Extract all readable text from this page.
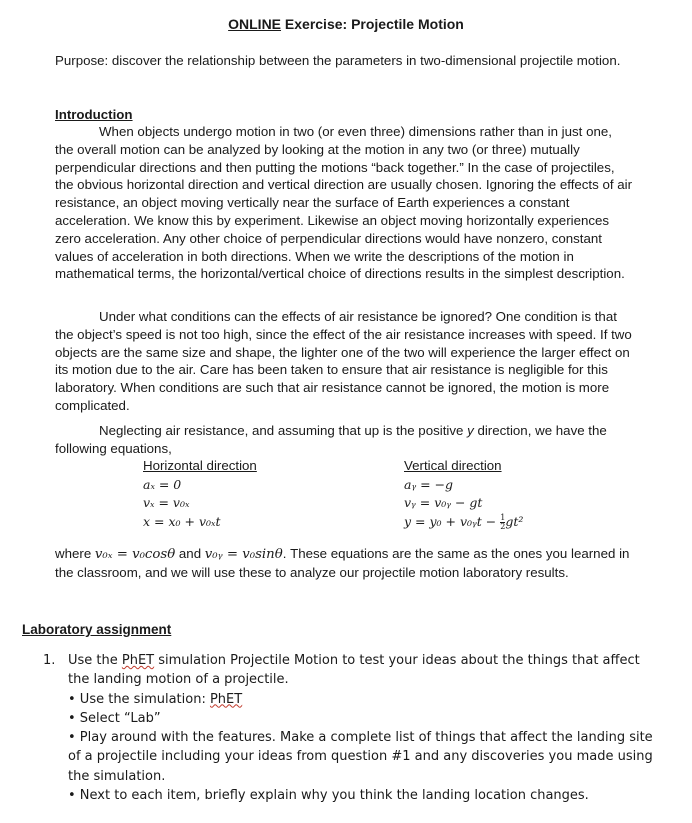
ONLINE Exercise: Projectile Motion
Purpose: discover the relationship between the parameters in two-dimensional projectile motion.
Introduction
When objects undergo motion in two (or even three) dimensions rather than in just one, the overall motion can be analyzed by looking at the motion in any two (or three) mutually perpendicular directions and then putting the motions “back together.” In the case of projectiles, the obvious horizontal direction and vertical direction are usually chosen. Ignoring the effects of air resistance, an object moving vertically near the surface of Earth experiences a constant acceleration. We know this by experiment. Likewise an object moving horizontally experiences zero acceleration. Any other choice of perpendicular directions would have nonzero, constant values of acceleration in both directions. When we write the descriptions of the motion in mathematical terms, the horizontal/vertical choice of directions results in the simplest description.
Under what conditions can the effects of air resistance be ignored? One condition is that the object’s speed is not too high, since the effect of the air resistance increases with speed. If two objects are the same size and shape, the lighter one of the two will experience the larger effect on its motion due to the air. Care has been taken to ensure that air resistance is negligible for this laboratory. When conditions are such that air resistance cannot be ignored, the motion is more complicated.
Neglecting air resistance, and assuming that up is the positive y direction, we have the following equations,
Horizontal direction
aₓ = 0
vₓ = v₀ₓ
x = x₀ + v₀ₓt
Vertical direction
aᵧ = −g
vᵧ = v₀ᵧ − gt
y = y₀ + v₀ᵧt − $\frac{1}{2} gt^2$
where v₀ₓ = v₀cosθ and v₀ᵧ = v₀sinθ. These equations are the same as the ones you learned in the classroom, and we will use these to analyze our projectile motion laboratory results.
Laboratory assignment
1. Use the PhET simulation Projectile Motion to test your ideas about the things that affect the landing motion of a projectile.
• Use the simulation: PhET
• Select “Lab”
• Play around with the features. Make a complete list of things that affect the landing site of a projectile including your ideas from question #1 and any discoveries you made using the simulation.
• Next to each item, briefly explain why you think the landing location changes.
